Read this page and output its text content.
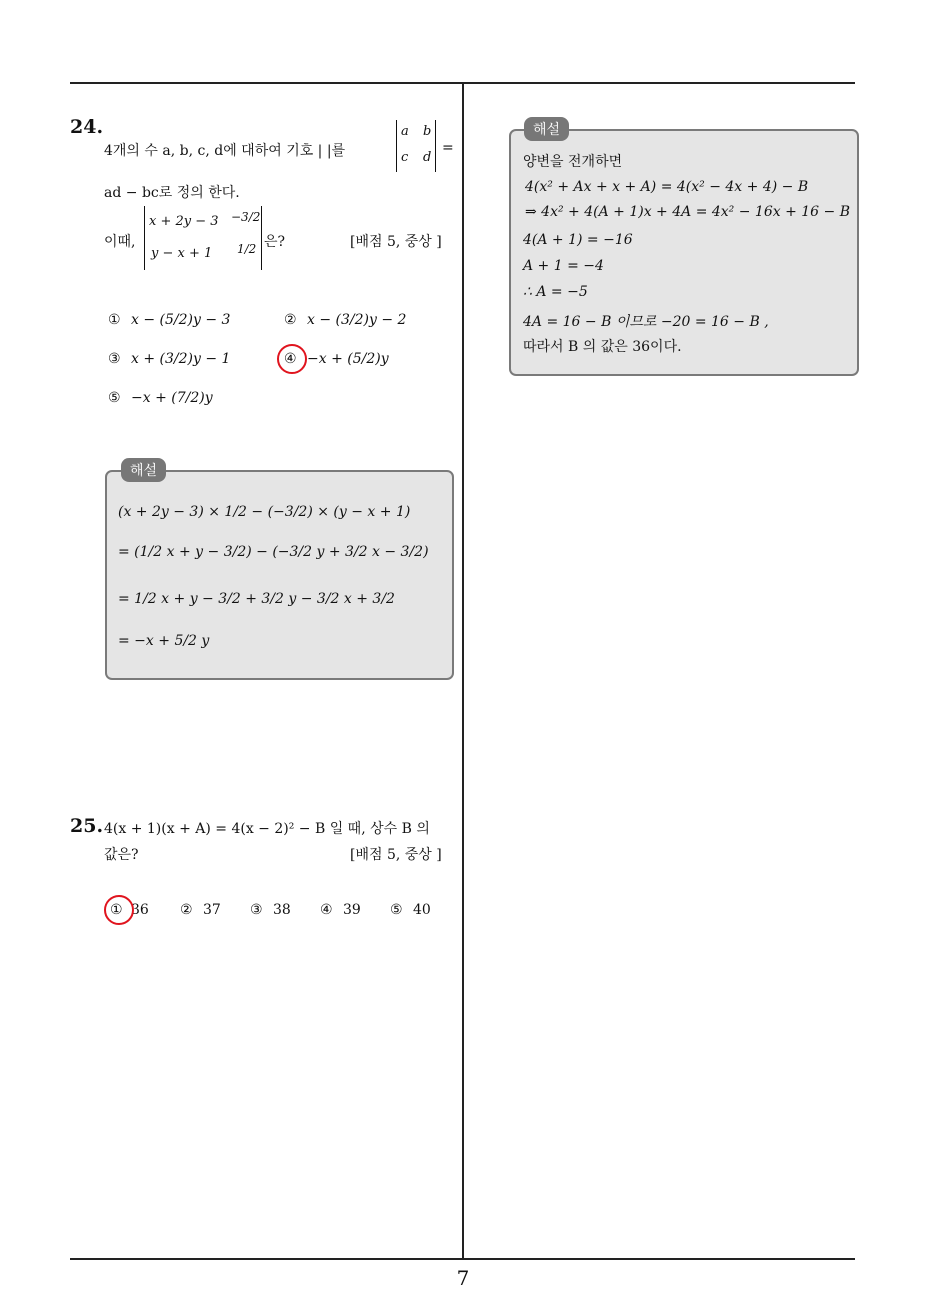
24.
4개의 수 a, b, c, d에 대하여 기호 | |를
a b
c d
=
ad − bc로 정의 한다.
이때,
x + 2y − 3 −3/2
y − x + 1 1/2 은?	[배점 5, 중상 ]
① x − (5/2)y − 3	② x − (3/2)y − 2
③ x + (3/2)y − 1	④ −x + (5/2)y
⑤ −x + (7/2)y
(x + 2y − 3) × 1/2 − (−3/2) × (y − x + 1)
= (1/2 x + y − 3/2) − (−3/2 y + 3/2 x − 3/2)
= 1/2 x + y − 3/2 + 3/2 y − 3/2 x + 3/2
= −x + 5/2 y
해설
25. 4(x + 1)(x + A) = 4(x − 2)² − B 일 때, 상수 B 의
값은?	[배점 5, 중상 ]
① 36 ② 37 ③ 38 ④ 39 ⑤ 40
양변을 전개하면
4(x² + Ax + x + A) = 4(x² − 4x + 4) − B
⇒ 4x² + 4(A + 1)x + 4A = 4x² − 16x + 16 − B
4(A + 1) = −16
A + 1 = −4
∴ A = −5
4A = 16 − B 이므로 −20 = 16 − B ,
따라서 B 의 값은 36이다.
해설
7
